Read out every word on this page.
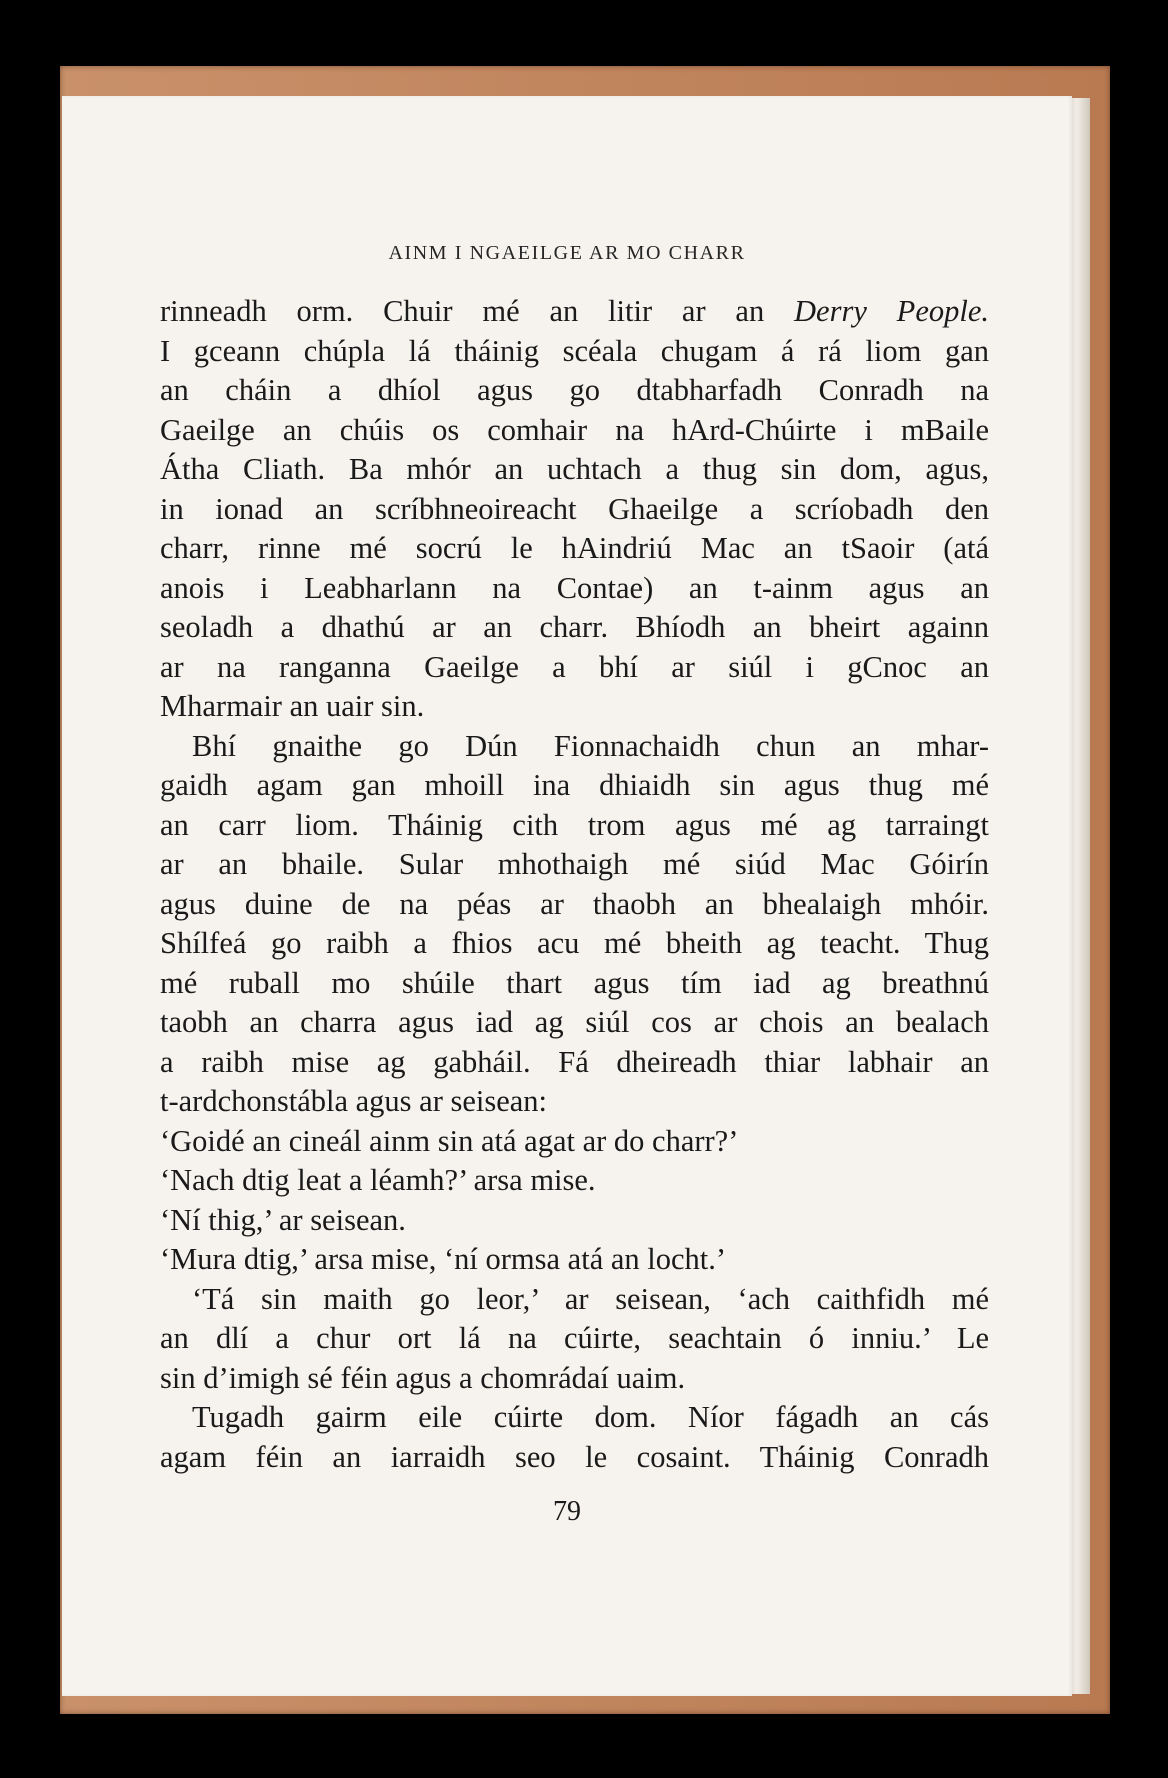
AINM I NGAEILGE AR MO CHARR
rinneadh orm. Chuir mé an litir ar an Derry People.
I gceann chúpla lá tháinig scéala chugam á rá liom gan
an cháin a dhíol agus go dtabharfadh Conradh na
Gaeilge an chúis os comhair na hArd-Chúirte i mBaile
Átha Cliath. Ba mhór an uchtach a thug sin dom, agus,
in ionad an scríbhneoireacht Ghaeilge a scríobadh den
charr, rinne mé socrú le hAindriú Mac an tSaoir (atá
anois i Leabharlann na Contae) an t-ainm agus an
seoladh a dhathú ar an charr. Bhíodh an bheirt againn
ar na ranganna Gaeilge a bhí ar siúl i gCnoc an
Mharmair an uair sin.
Bhí gnaithe go Dún Fionnachaidh chun an mhar-
gaidh agam gan mhoill ina dhiaidh sin agus thug mé
an carr liom. Tháinig cith trom agus mé ag tarraingt
ar an bhaile. Sular mhothaigh mé siúd Mac Góirín
agus duine de na péas ar thaobh an bhealaigh mhóir.
Shílfeá go raibh a fhios acu mé bheith ag teacht. Thug
mé ruball mo shúile thart agus tím iad ag breathnú
taobh an charra agus iad ag siúl cos ar chois an bealach
a raibh mise ag gabháil. Fá dheireadh thiar labhair an
t-ardchonstábla agus ar seisean:
‘Goidé an cineál ainm sin atá agat ar do charr?’
‘Nach dtig leat a léamh?’ arsa mise.
‘Ní thig,’ ar seisean.
‘Mura dtig,’ arsa mise, ‘ní ormsa atá an locht.’
‘Tá sin maith go leor,’ ar seisean, ‘ach caithfidh mé
an dlí a chur ort lá na cúirte, seachtain ó inniu.’ Le
sin d’imigh sé féin agus a chomrádaí uaim.
Tugadh gairm eile cúirte dom. Níor fágadh an cás
agam féin an iarraidh seo le cosaint. Tháinig Conradh
79
